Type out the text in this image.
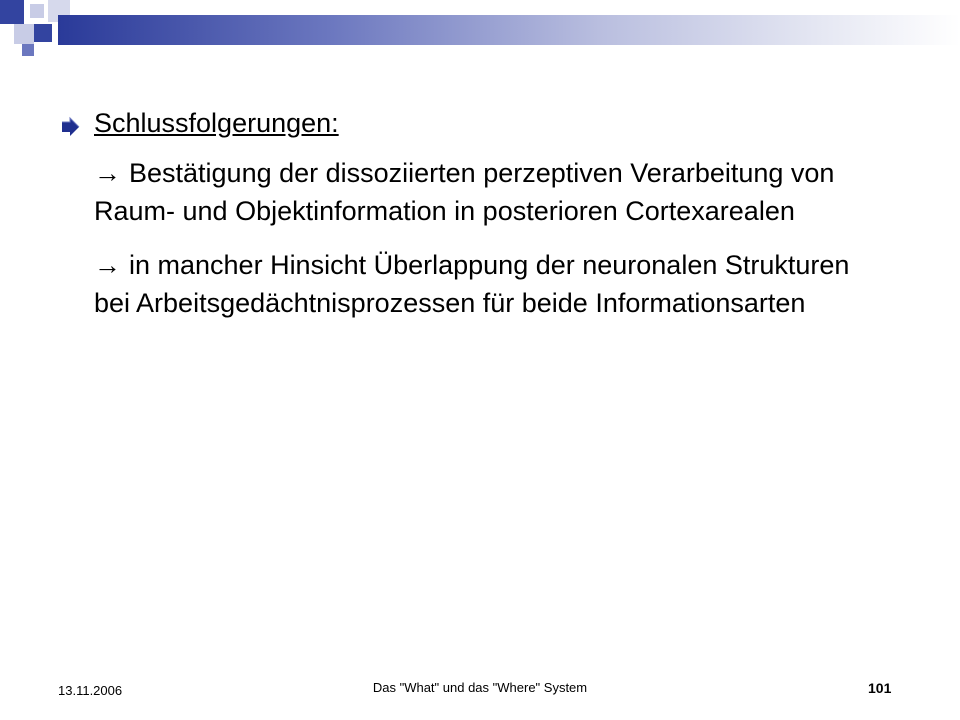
Schlussfolgerungen:
→ Bestätigung der dissoziierten perzeptiven Verarbeitung von Raum- und Objektinformation in posterioren Cortexarealen
→ in mancher Hinsicht Überlappung der neuronalen Strukturen bei Arbeitsgedächtnisprozessen für beide Informationsarten
13.11.2006	Das "What" und das "Where" System	101
